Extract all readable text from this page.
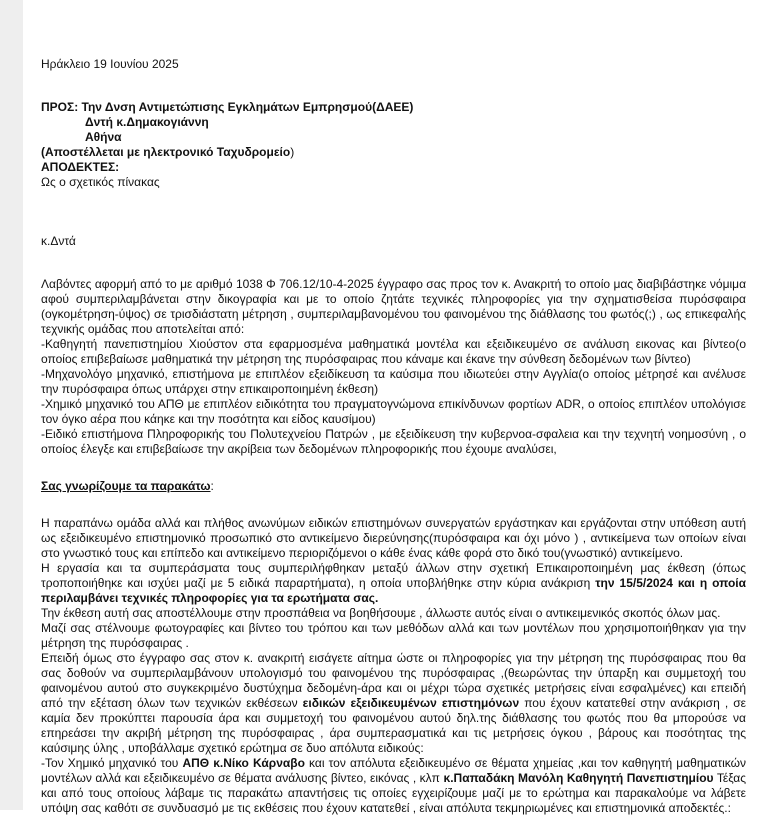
Ηράκλειο 19 Ιουνίου 2025

ΠΡΟΣ: Την Δνση Αντιμετώπισης Εγκλημάτων Εμπρησμού(ΔΑΕΕ)

Δντή κ.Δημακογιάννη

Αθήνα

(Αποστέλλεται με ηλεκτρονικό Ταχυδρομείο)

ΑΠΟΔΕΚΤΕΣ:

Ως ο σχετικός πίνακας

κ.Δντά

Λαβόντες αφορμή από το με αριθμό 1038 Φ 706.12/10-4-2025 έγγραφο σας προς τον κ. Ανακριτή το οποίο μας διαβιβάστηκε νόμιμα αφού συμπεριλαμβάνεται στην δικογραφία και με το οποίο ζητάτε τεχνικές πληροφορίες για την σχηματισθείσα πυρόσφαιρα (ογκομέτρηση-ύψος) σε τρισδιάστατη μέτρηση , συμπεριλαμβανομένου του φαινομένου της διάθλασης του φωτός(;) , ως επικεφαλής τεχνικής ομάδας που αποτελείται από:

-Καθηγητή πανεπιστημίου Χιούστον στα εφαρμοσμένα μαθηματικά μοντέλα και εξειδικευμένο σε ανάλυση εικονας και βίντεο(ο οποίος επιβεβαίωσε μαθηματικά την μέτρηση της πυρόσφαιρας που κάναμε και έκανε την σύνθεση δεδομένων των βίντεο)

-Μηχανολόγο μηχανικό, επιστήμονα με επιπλέον εξειδίκευση τα καύσιμα που ιδιωτεύει στην Αγγλία(ο οποίος μέτρησέ και ανέλυσε την πυρόσφαιρα όπως υπάρχει στην επικαιροποιημένη έκθεση)

-Χημικό μηχανικό του ΑΠΘ με επιπλέον ειδικότητα του πραγματογνώμονα επικίνδυνων φορτίων ADR, ο οποίος επιπλέον υπολόγισε τον όγκο αέρα που κάηκε και την ποσότητα και είδος καυσίμου)

-Ειδικό επιστήμονα Πληροφορικής του Πολυτεχνείου Πατρών , με εξειδίκευση την κυβερνοα-σφαλεια και την τεχνητή νοημοσύνη , ο οποίος έλεγξε και επιβεβαίωσε την ακρίβεια των δεδομένων πληροφορικής που έχουμε αναλύσει,

Σας γνωρίζουμε τα παρακάτω:

Η παραπάνω ομάδα αλλά και πλήθος ανωνύμων ειδικών επιστημόνων συνεργατών εργάστηκαν και εργάζονται στην υπόθεση αυτή ως εξειδικευμένο επιστημονικό προσωπικό στο αντικείμενο διερεύνησης(πυρόσφαιρα και όχι μόνο ) , αντικείμενα των οποίων είναι στο γνωστικό τους και επίπεδο και αντικείμενο περιοριζόμενοι ο κάθε ένας κάθε φορά στο δικό του(γνωστικό) αντικείμενο.

Η εργασία και τα συμπεράσματα τους συμπεριλήφθηκαν μεταξύ άλλων στην σχετική Επικαιροποιημένη μας έκθεση (όπως τροποποιήθηκε και ισχύει μαζί με 5 ειδικά παραρτήματα), η οποία υποβλήθηκε στην κύρια ανάκριση την 15/5/2024 και η οποία περιλαμβάνει τεχνικές πληροφορίες για τα ερωτήματα σας.

Την έκθεση αυτή σας αποστέλλουμε στην προσπάθεια να βοηθήσουμε , άλλωστε αυτός είναι ο αντικειμενικός σκοπός όλων μας.

Μαζί σας στέλνουμε φωτογραφίες και βίντεο του τρόπου και των μεθόδων αλλά και των μοντέλων που χρησιμοποιήθηκαν για την μέτρηση της πυρόσφαιρας .

Επειδή όμως στο έγγραφο σας στον κ. ανακριτή εισάγετε αίτημα ώστε οι πληροφορίες για την μέτρηση της πυρόσφαιρας που θα σας δοθούν να συμπεριλαμβάνουν υπολογισμό του φαινομένου της πυρόσφαιρας ,(θεωρώντας την ύπαρξη και συμμετοχή του φαινομένου αυτού στο συγκεκριμένο δυστύχημα δεδομένη-άρα και οι μέχρι τώρα σχετικές μετρήσεις είναι εσφαλμένες) και επειδή από την εξέταση όλων των τεχνικών εκθέσεων ειδικών εξειδικευμένων επιστημόνων που έχουν κατατεθεί στην ανάκριση , σε καμία δεν προκύπτει παρουσία άρα και συμμετοχή του φαινομένου αυτού δηλ.της διάθλασης του φωτός που θα μπορούσε να επηρεάσει την ακριβή μέτρηση της πυρόσφαιρας , άρα συμπερασματικά και τις μετρήσεις όγκου , βάρους και ποσότητας της καύσιμης ύλης , υποβάλλαμε σχετικό ερώτημα σε δυο απόλυτα ειδικούς:

-Τον Χημικό μηχανικό του ΑΠΘ κ.Νίκο Κάρναβο και τον απόλυτα εξειδικευμένο σε θέματα χημείας ,και τον καθηγητή μαθηματικών μοντέλων αλλά και εξειδικευμένο σε θέματα ανάλυσης βίντεο, εικόνας , κλπ κ.Παπαδάκη Μανόλη Καθηγητή Πανεπιστημίου Τέξας και από τους οποίους λάβαμε τις παρακάτω απαντήσεις τις οποίες εγχειρίζουμε μαζί με το ερώτημα και παρακαλούμε να λάβετε υπόψη σας καθότι σε συνδυασμό με τις εκθέσεις που έχουν κατατεθεί , είναι απόλυτα τεκμηριωμένες και επιστημονικά αποδεκτές.:
